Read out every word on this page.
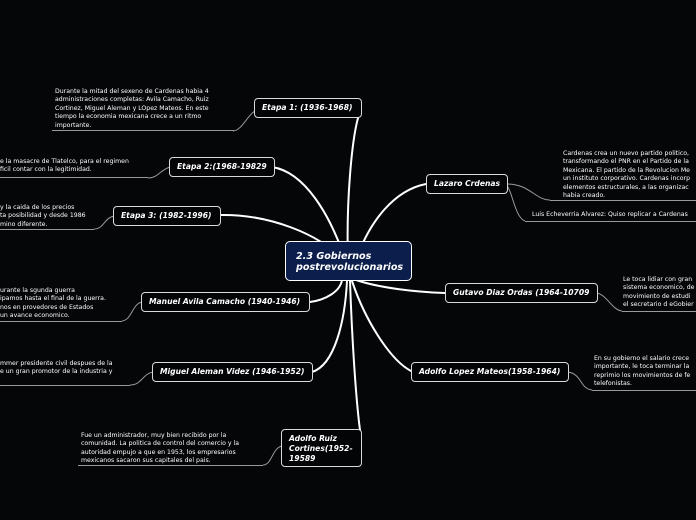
2.3 Gobiernos
postrevolucionarios
Etapa 1: (1936-1968)
Etapa 2:(1968-19829
Etapa 3: (1982-1996)
Manuel Avila Camacho (1940-1946)
Miguel Aleman Videz (1946-1952)
Adolfo Ruiz
Cortines(1952-
19589
Lazaro Crdenas
Gutavo Diaz Ordas (1964-10709
Adolfo Lopez Mateos(1958-1964)
Durante la mitad del sexeno de Cardenas habia 4
administraciones completas: Avila Camacho, Ruiz
Cortinez, Miguel Aleman y LOpez Mateos. En este
tiempo la economia mexicana crece a un ritmo
importante.
e la masacre de Tlatelco, para el regimen
ficil contar con la legitimidad.
y la caida de los precios
ta posibilidad y desde 1986
mino diferente.
urante la sgunda guerra
ipamos hasta el final de la guerra.
nos en provedores de Estados
un avance economico.
mmer presidente civil despues de la
e un gran promotor de la industria y
Fue un administrador, muy bien recibido por la
comunidad. La politica de control del comercio y la
autoridad empujo a que en 1953, los empresarios
mexicanos sacaron sus capitales del pais.
Cardenas crea un nuevo partido politico,
transformando el PNR en el Partido de la
Mexicana. El partido de la Revolucion Me
un instituto corporativo. Cardenas incorp
elementos estructurales, a las organizac
habia creado.
Luis Echeverria Alvarez: Quiso replicar a Cardenas
Le toca lidiar con gran
sistema economico, de
movimiento de estudi
el secretario d eGobier
En su gobierno el salario crece
importante, le toca terminar la
reprimio los movimientos de fe
telefonistas.
